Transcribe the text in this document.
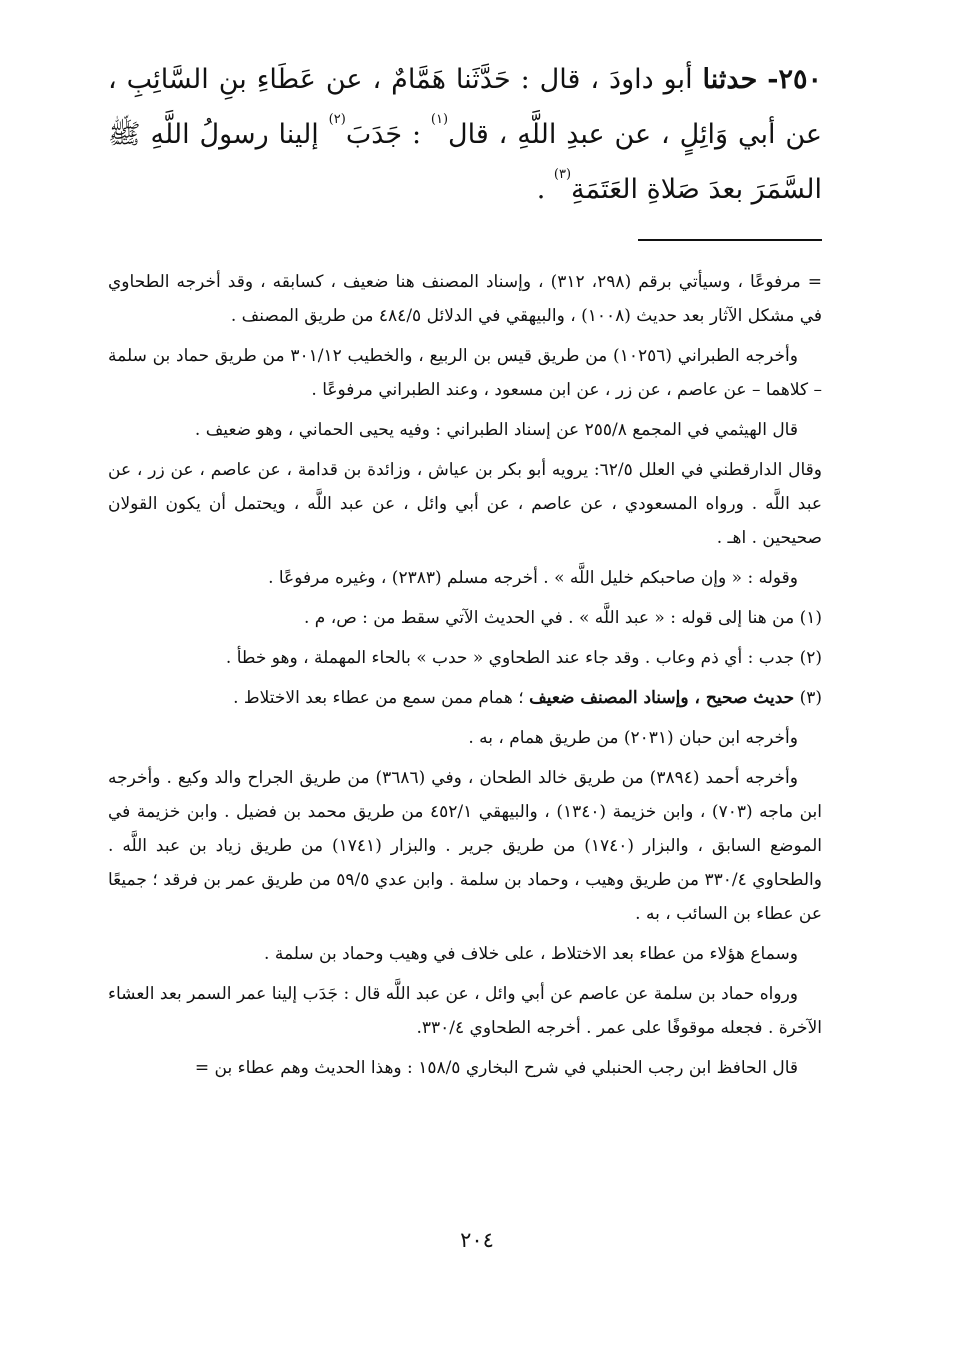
٢٥٠- حدثنا أبو داودَ ، قال : حَدَّثَنا هَمَّامٌ ، عن عَطَاءِ بنِ السَّائِبِ ، عن أبي وَائِلٍ ، عن عبدِ اللَّهِ ، قال$^{(١)}$ : جَدَبَ$^{(٢)}$ إلينا رسولُ اللَّهِ ﷺ السَّمَرَ بعدَ صَلاةِ العَتَمَةِ$^{(٣)}$ .

= مرفوعًا ، وسيأتي برقم (٢٩٨، ٣١٢) ، وإسناد المصنف هنا ضعيف ، كسابقه ، وقد أخرجه الطحاوي في مشكل الآثار بعد حديث (١٠٠٨) ، والبيهقي في الدلائل ٤٨٤/٥ من طريق المصنف .

وأخرجه الطبراني (١٠٢٥٦) من طريق قيس بن الربيع ، والخطيب ٣٠١/١٢ من طريق حماد بن سلمة – كلاهما – عن عاصم ، عن زر ، عن ابن مسعود ، وعند الطبراني مرفوعًا .

قال الهيثمي في المجمع ٢٥٥/٨ عن إسناد الطبراني : وفيه يحيى الحماني ، وهو ضعيف .

وقال الدارقطني في العلل ٦٢/٥: يرويه أبو بكر بن عياش ، وزائدة بن قدامة ، عن عاصم ، عن زر ، عن عبد اللَّه . ورواه المسعودي ، عن عاصم ، عن أبي وائل ، عن عبد اللَّه ، ويحتمل أن يكون القولان صحيحين . اهـ .

وقوله : « وإن صاحبكم خليل اللَّه » . أخرجه مسلم (٢٣٨٣) ، وغيره مرفوعًا .

(١) من هنا إلى قوله : « عبد اللَّه » . في الحديث الآتي سقط من : ص، م .

(٢) جدب : أي ذم وعاب . وقد جاء عند الطحاوي « حدب » بالحاء المهملة ، وهو خطأ .

(٣) حديث صحيح ، وإسناد المصنف ضعيف ؛ همام ممن سمع من عطاء بعد الاختلاط .

وأخرجه ابن حبان (٢٠٣١) من طريق همام ، به .

وأخرجه أحمد (٣٨٩٤) من طريق خالد الطحان ، وفي (٣٦٨٦) من طريق الجراح والد وكيع . وأخرجه ابن ماجه (٧٠٣) ، وابن خزيمة (١٣٤٠) ، والبيهقي ٤٥٢/١ من طريق محمد بن فضيل . وابن خزيمة في الموضع السابق ، والبزار (١٧٤٠) من طريق جرير . والبزار (١٧٤١) من طريق زياد بن عبد اللَّه . والطحاوي ٣٣٠/٤ من طريق وهيب ، وحماد بن سلمة . وابن عدي ٥٩/٥ من طريق عمر بن فرقد ؛ جميعًا عن عطاء بن السائب ، به .

وسماع هؤلاء من عطاء بعد الاختلاط ، على خلاف في وهيب وحماد بن سلمة .

ورواه حماد بن سلمة عن عاصم عن أبي وائل ، عن عبد اللَّه قال : جَدَب إلينا عمر السمر بعد العشاء الآخرة . فجعله موقوفًا على عمر . أخرجه الطحاوي ٣٣٠/٤.

قال الحافظ ابن رجب الحنبلي في شرح البخاري ١٥٨/٥ : وهذا الحديث وهم عطاء بن =

٢٠٤
